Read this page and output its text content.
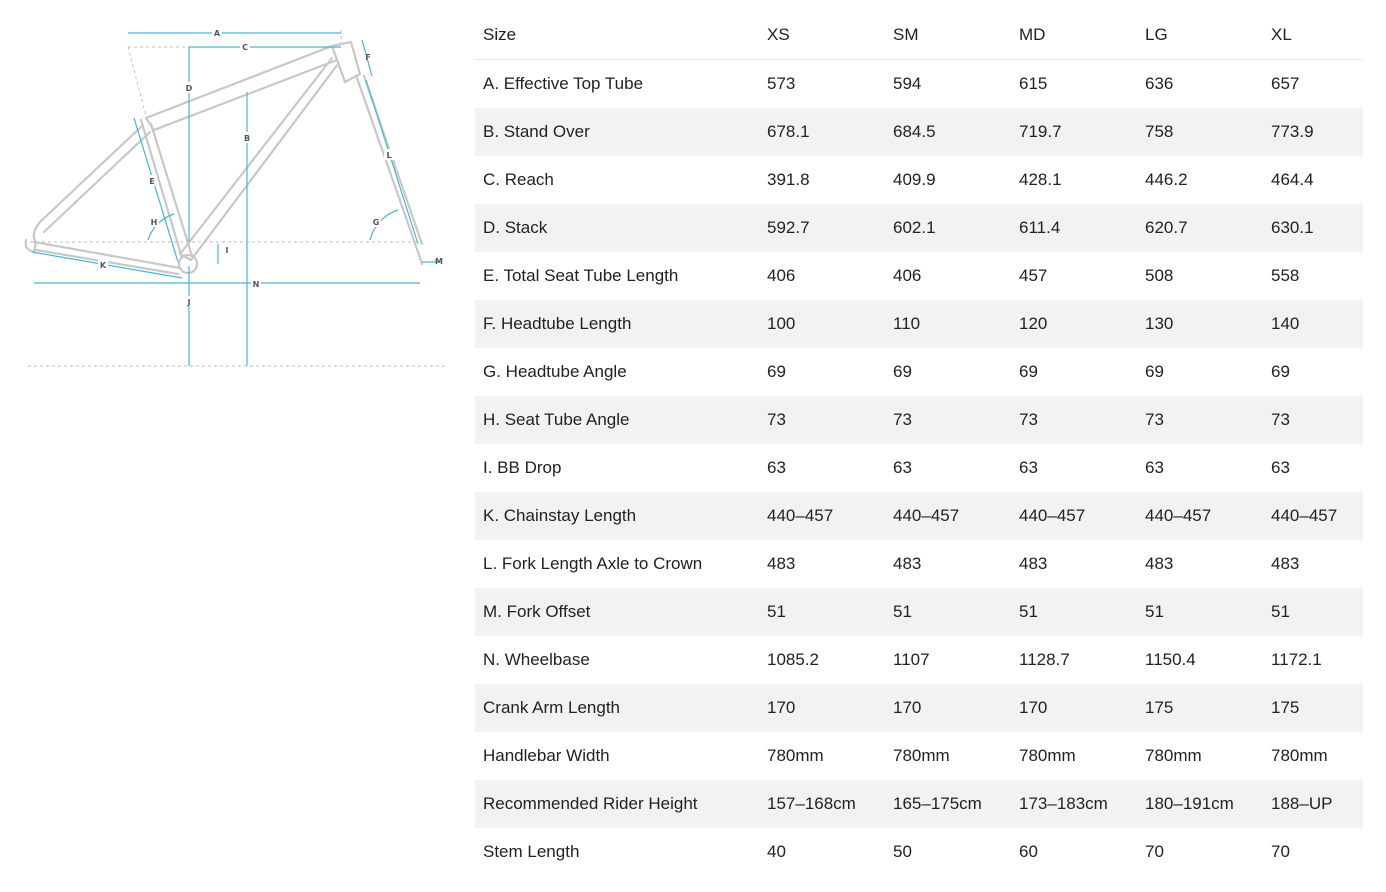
A
B
C
D
E
F
G
H
I
J
K
L
M
N
Size	XS	SM	MD	LG	XL
A. Effective Top Tube	573	594	615	636	657
B. Stand Over	678.1	684.5	719.7	758	773.9
C. Reach	391.8	409.9	428.1	446.2	464.4
D. Stack	592.7	602.1	611.4	620.7	630.1
E. Total Seat Tube Length	406	406	457	508	558
F. Headtube Length	100	110	120	130	140
G. Headtube Angle	69	69	69	69	69
H. Seat Tube Angle	73	73	73	73	73
I. BB Drop	63	63	63	63	63
K. Chainstay Length	440–457	440–457	440–457	440–457	440–457
L. Fork Length Axle to Crown	483	483	483	483	483
M. Fork Offset	51	51	51	51	51
N. Wheelbase	1085.2	1107	1128.7	1150.4	1172.1
Crank Arm Length	170	170	170	175	175
Handlebar Width	780mm	780mm	780mm	780mm	780mm
Recommended Rider Height	157–168cm	165–175cm	173–183cm	180–191cm	188–UP
Stem Length	40	50	60	70	70
